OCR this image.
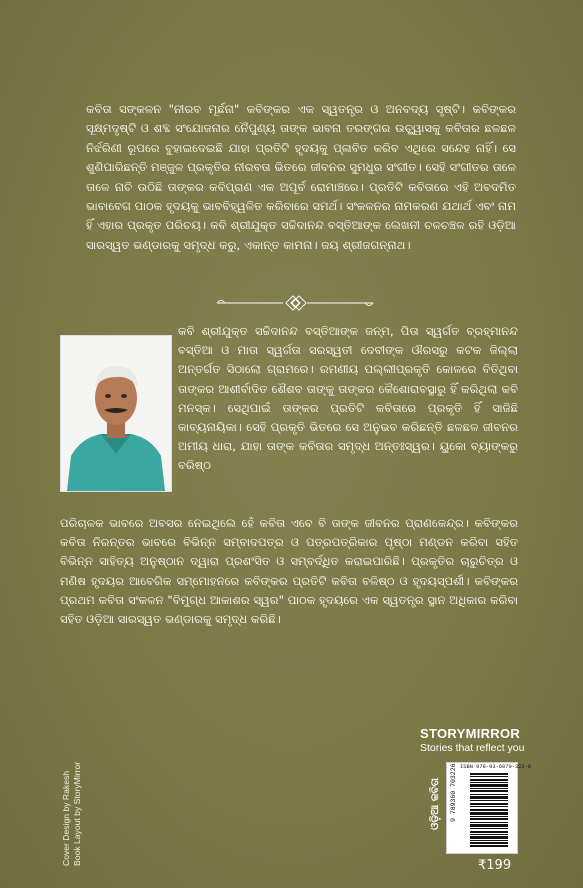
କବିତା ସଙ୍କଳନ "ନୀରବ ମୂର୍ଛନା" କବିଙ୍କର ଏକ ସ୍ୱତନ୍ତ୍ର ଓ ଅନବଦ୍ୟ ସୃଷ୍ଟି। କବିଙ୍କର ସୂକ୍ଷ୍ମଦୃଷ୍ଟି ଓ ଶବ୍ଦ ସଂଯୋଜନାର ନୈପୁଣ୍ୟ ତାଙ୍କ ଭାବନା ତରଙ୍ଗର ଉଚ୍ଛ୍ୱାସକୁ କବିତାର ଛଳଛଳ ନିର୍ଝରିଣୀ ରୂପରେ ବୁହାଇଦେଇଛି ଯାହା ପ୍ରତିଟି ହୃଦୟକୁ ପ୍ଳାବିତ କରିବ ଏଥିରେ ସନ୍ଦେହ ନାହିଁ। ସେ ଶୁଣିପାରିଛନ୍ତି ମଞ୍ଜୁଳ ପ୍ରକୃତିର ନୀରବତା ଭିତରେ ଜୀବନର ସୁମଧୁର ସଂଗୀତ। ସେହି ସଂଗୀତର ତାଳେ ତାଳେ ନାଚି ଉଠିଛି ତାଙ୍କର କବିପ୍ରାଣ ଏକ ଅପୂର୍ବ ରୋମାଞ୍ଚରେ। ପ୍ରତିଟି କବିତାରେ ଏହି ଅବଦମିତ ଭାବାବେଗ ପାଠକ ହୃଦୟକୁ ଭାବବିହ୍ୱଳିତ କରିବାରେ ସମର୍ଥ। ସଂକଳନର ନାମକରଣ ଯଥାର୍ଥ ଏବଂ ନାମ ହିଁ ଏହାର ପ୍ରକୃତ ପରିଚୟ। କବି ଶ୍ରୀଯୁକ୍ତ ସଚ୍ଚିଦାନନ୍ଦ ବସ୍ତିଆଙ୍କ ଲେଖନୀ ଚଳଚଞ୍ଚଳ ରହି ଓଡ଼ିଆ ସାରସ୍ୱତ ଭଣ୍ଡାରକୁ ସମୃଦ୍ଧ କରୁ, ଏକାନ୍ତ କାମନା। ଜୟ ଶ୍ରୀଜଗନ୍ନାଥ।
କବି ଶ୍ରୀଯୁକ୍ତ ସଚ୍ଚିଦାନନ୍ଦ ବସ୍ତିଆଙ୍କ ଜନ୍ମ, ପିତା ସ୍ୱର୍ଗତ ବ୍ରହ୍ମାନନ୍ଦ ବସ୍ତିଆ ଓ ମାତା ସ୍ୱର୍ଗତା ସରସ୍ୱତୀ ଦେବୀଙ୍କ ଔରସରୁ କଟକ ଜିଲ୍ଲା ଅନ୍ତର୍ଗତ ସିଠାଲୋ ଗ୍ରାମରେ। ରମଣୀୟ ପଲ୍ଲୀପ୍ରକୃତି କୋଳରେ ବିତିଥିବା ତାଙ୍କର ଆଶୀର୍ବାଦିତ ଶୈଶବ ତାଙ୍କୁ ତାଙ୍କର କୈଶୋରାବସ୍ଥାରୁ ହିଁ କରିଥିଲା କବି ମନସ୍କ। ସେଥିପାଇଁ ତାଙ୍କର ପ୍ରତିଟି କବିତାରେ ପ୍ରକୃତି ହିଁ ସାଜିଛି କାବ୍ୟନାୟିକା। ସେହି ପ୍ରକୃତି ଭିତରେ ସେ ଅନୁଭବ କରିଛନ୍ତି ଛଳଛଳ ଜୀବନର ଅମୀୟ ଧାରା, ଯାହା ତାଙ୍କ କବିତାର ସମୃଦ୍ଧ ଅନ୍ତଃସ୍ୱର। ୟୁକୋ ବ୍ୟାଙ୍କରୁ ବରିଷ୍ଠ
ପରିଚାଳକ ଭାବରେ ଅବସର ନେଇଥିଲେ ହେଁ କବିତା ଏବେ ବି ତାଙ୍କ ଜୀବନର ପ୍ରାଣକେନ୍ଦ୍ର। କବିଙ୍କର କବିତା ନିରନ୍ତର ଭାବରେ ବିଭିନ୍ନ ସମ୍ବାଦପତ୍ର ଓ ପତ୍ରପତ୍ରିକାର ପୃଷ୍ଠା ମଣ୍ଡନ କରିବା ସହିତ ବିଭିନ୍ନ ସାହିତ୍ୟ ଅନୁଷ୍ଠାନ ଦ୍ୱାରା ପ୍ରଶଂସିତ ଓ ସମ୍ବର୍ଦ୍ଧିତ କରାଇପାରିଛି। ପ୍ରକୃତିର ଚାରୁଚିତ୍ର ଓ ମଣିଷ ହୃଦୟର ଆବେଗିକ ସମ୍ମୋହନରେ କବିଙ୍କର ପ୍ରତିଟି କବିତା ବଳିଷ୍ଠ ଓ ହୃଦୟସ୍ପର୍ଶୀ। କବିଙ୍କର ପ୍ରଥମ କବିତା ସଂକଳନ "ବିମୁଗ୍ଧ ଆକାଶର ସ୍ୱର" ପାଠକ ହୃଦୟରେ ଏକ ସ୍ୱତନ୍ତ୍ର ସ୍ଥାନ ଅଧିକାର କରିବା ସହିତ ଓଡ଼ିଆ ସାରସ୍ୱତ ଭଣ୍ଡାରକୁ ସମୃଦ୍ଧ କରିଛି।
Cover Design by Rakesh Book Layout by StoryMirror
STORYMIRROR
Stories that reflect you
ଓଡ଼ିଆ କବିତା
ISBN 978-93-6070-322-6
9 789360 703226
₹199
